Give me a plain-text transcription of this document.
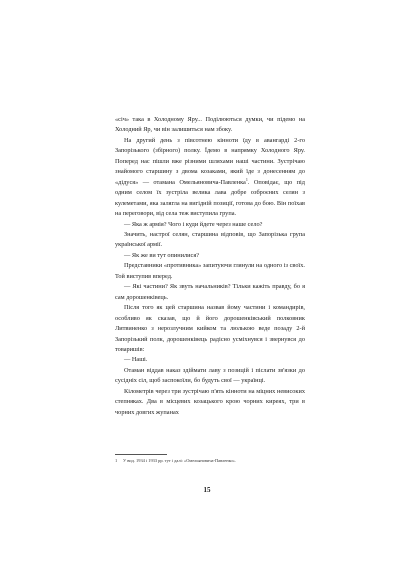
«січ» така в Холодному Яру... Поділюються думки, чи підемо на Холодний Яр, чи він залишиться нам збоку.

На другий день з півсотнею кінноти їду в авангарді 2-го Запорізького (збірного) полку. Їдемо в напрямку Холодного Яру. Поперед нас пішли вже різними шляхами наші частини. Зустрічаю знайомого старшину з двома козаками, який їде з донесенням до «дідуся» — отамана Омельяновича-Павленка$^1$. Оповідає, що під одним селом їх зустріла велика лава добре озброєних селян з кулеметами, яка залягла на вигідній позиції, готова до бою. Він поїхав на переговори, від села теж виступила група.

— Яка ж армія? Чого і куди йдете через наше село?

Значить, настрої селян, старшина відповів, що Запорізька група української армії.

— Як же ви тут опинилися?

Представники «противника» запитуючи глянули на одного із своїх. Той виступив вперед.

— Які частини? Як звуть начальників? Тільки кажіть правду, бо я сам дорошенківець.

Після того як цей старшина назвав йому частини і командирів, особливо як сказав, що й його дорошенківський полковник Литвиненко з нерозлучним кийком та люлькою веде позаду 2-й Запорізький полк, дорошенківець радісно усміхнувся і звернувся до товаришів:

— Наші.

Отаман віддав наказ здіймати лаву з позицій і післати зв'язки до сусідніх сіл, щоб заспокоїли, бо будуть свої — українці.

Кілометрів через три зустрічаю п'ять кінноти на міцних невисоких степняках. Два в місцевих козацького крою чорних киреях, три в чорних довгих жупанах

1 У вид. 1934 і 1933 рр. тут і далі: «Омельяновича-Павленко».
15
